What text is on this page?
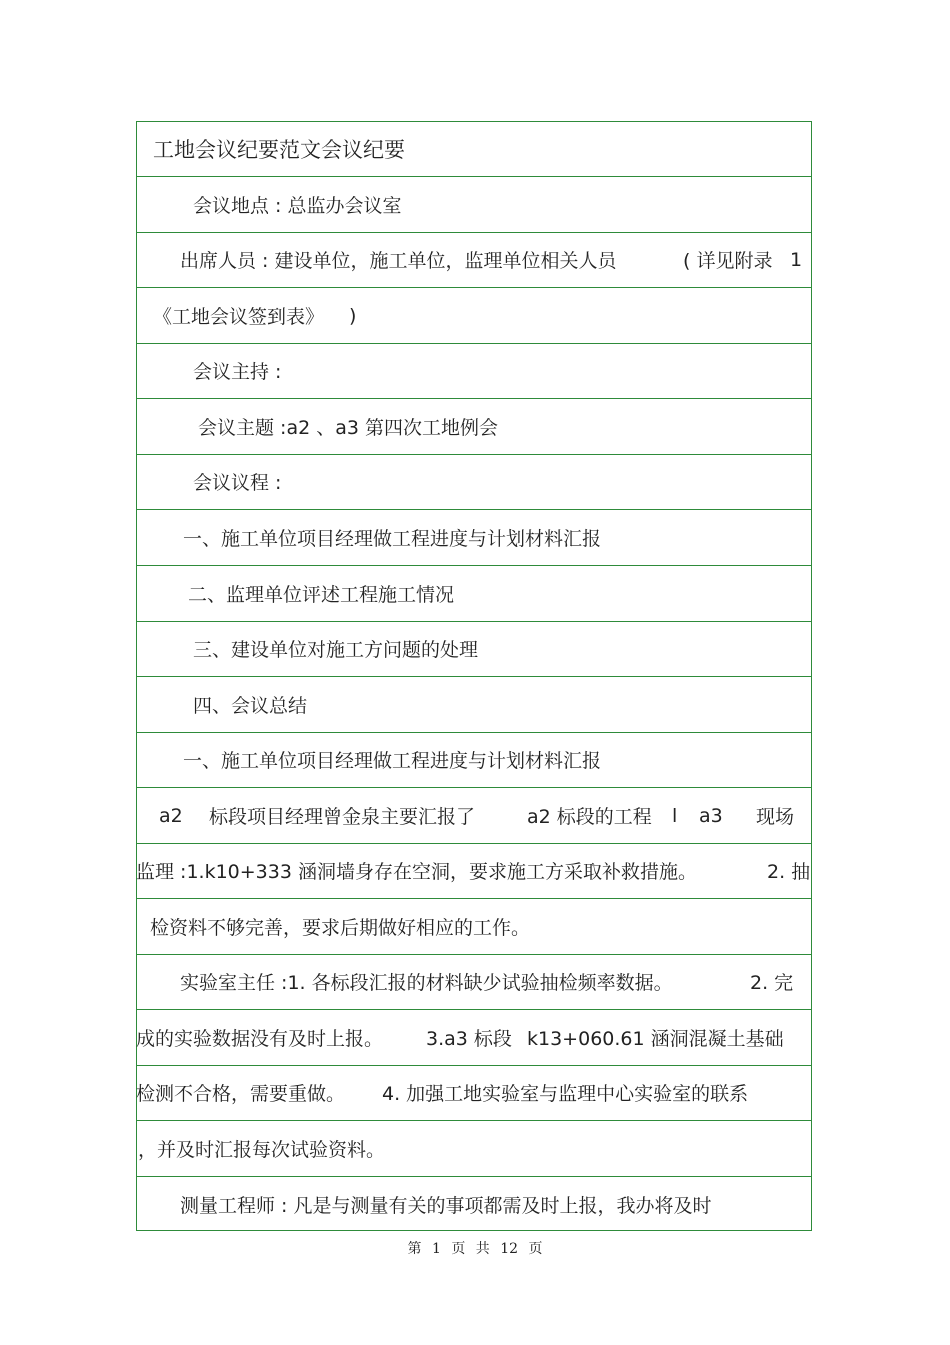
工地会议纪要范文会议纪要
会议地点 : 总监办会议室
出席人员 : 建设单位，施工单位，监理单位相关人员	( 详见附录 1
《工地会议签到表》 )
会议主持 :
会议主题 :a2 、a3 第四次工地例会
会议议程 :
一、施工单位项目经理做工程进度与计划材料汇报
二、监理单位评述工程施工情况
三、建设单位对施工方问题的处理
四、会议总结
一、施工单位项目经理做工程进度与计划材料汇报
a2 标段项目经理曾金泉主要汇报了	a2 标段的工程 l a3 现场
监理 :1.k10+333 涵洞墙身存在空洞，要求施工方采取补救措施。	2. 抽
检资料不够完善，要求后期做好相应的工作。
实验室主任 :1. 各标段汇报的材料缺少试验抽检频率数据。	2. 完
成的实验数据没有及时上报。 3.a3 标段 k13+060.61 涵洞混凝土基础
检测不合格，需要重做。 4. 加强工地实验室与监理中心实验室的联系
，并及时汇报每次试验资料。
测量工程师 : 凡是与测量有关的事项都需及时上报，我办将及时
第 1 页 共 12 页
